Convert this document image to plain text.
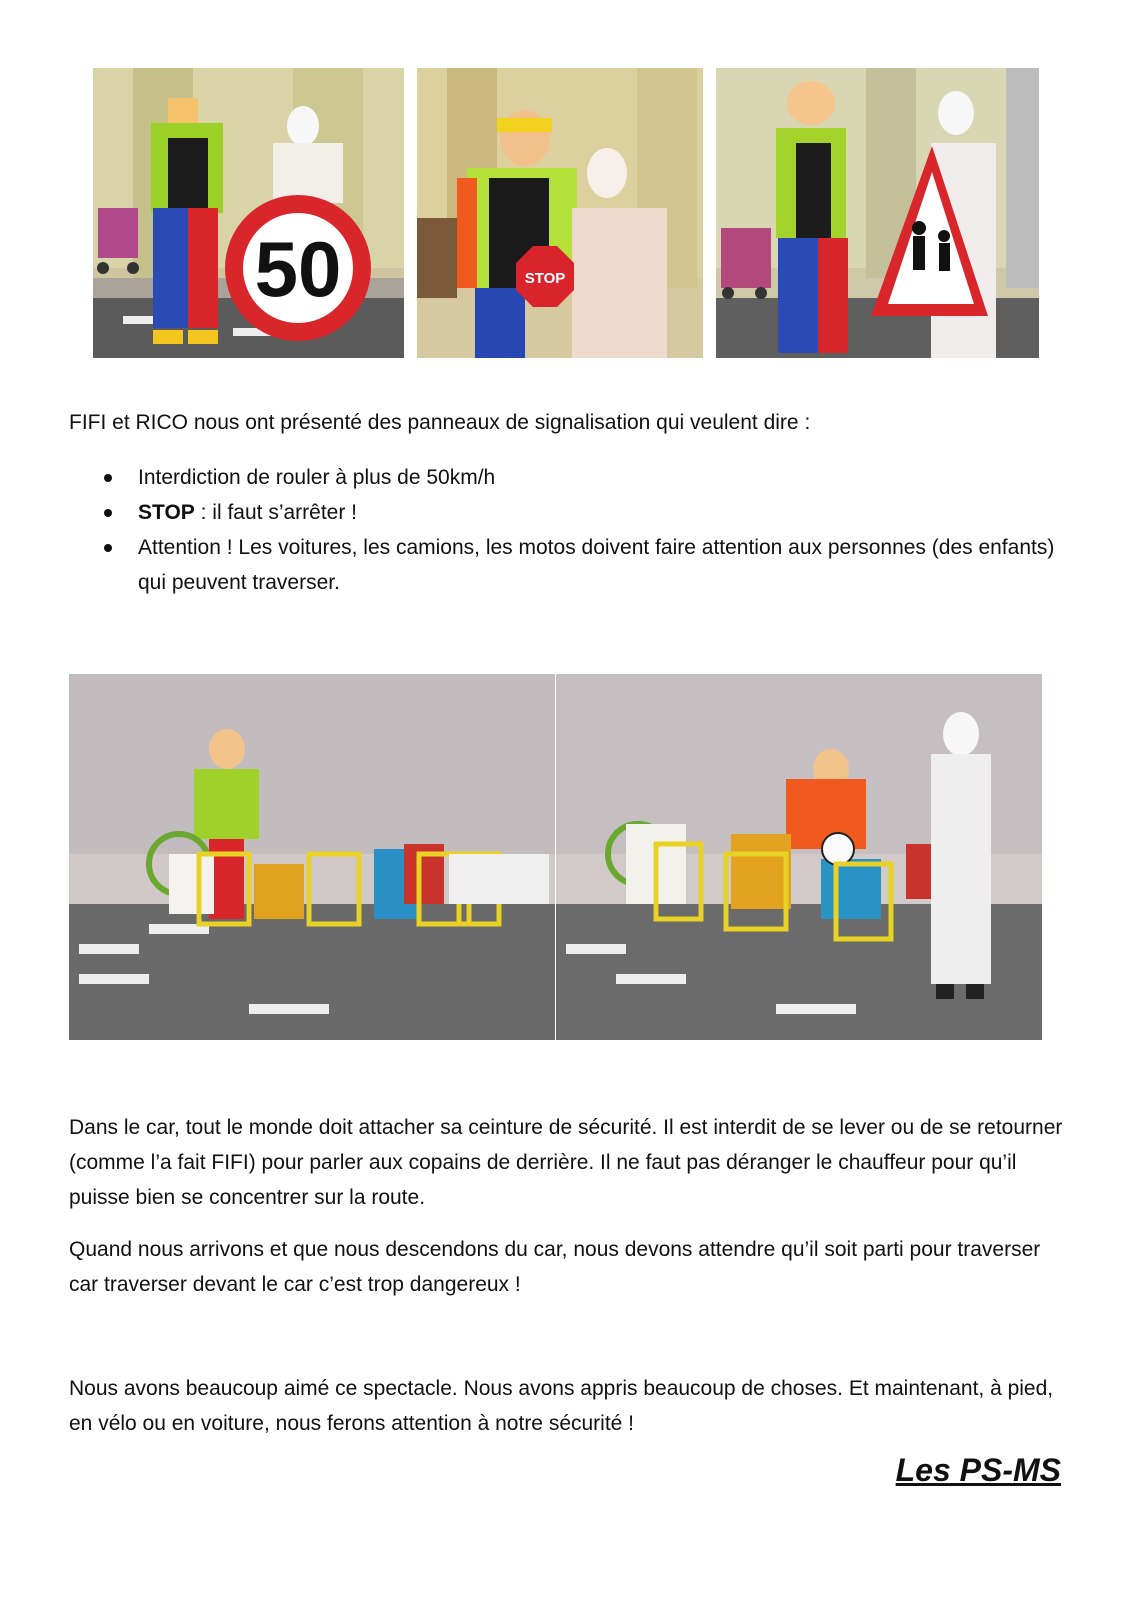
50	STOP

FIFI et RICO nous ont présenté des panneaux de signalisation qui veulent dire :

Interdiction de rouler à plus de 50km/h
STOP : il faut s’arrêter !
Attention ! Les voitures, les camions, les motos doivent faire attention aux personnes (des enfants) qui peuvent traverser.

Dans le car, tout le monde doit attacher sa ceinture de sécurité. Il est interdit de se lever ou de se retourner (comme l’a fait FIFI) pour parler aux copains de derrière. Il ne faut pas déranger le chauffeur pour qu’il puisse bien se concentrer sur la route.

Quand nous arrivons et que nous descendons du car, nous devons attendre qu’il soit parti pour traverser car traverser devant le car c’est trop dangereux !

Nous avons beaucoup aimé ce spectacle. Nous avons appris beaucoup de choses. Et maintenant, à pied, en vélo ou en voiture, nous ferons attention à notre sécurité !

Les PS-MS
